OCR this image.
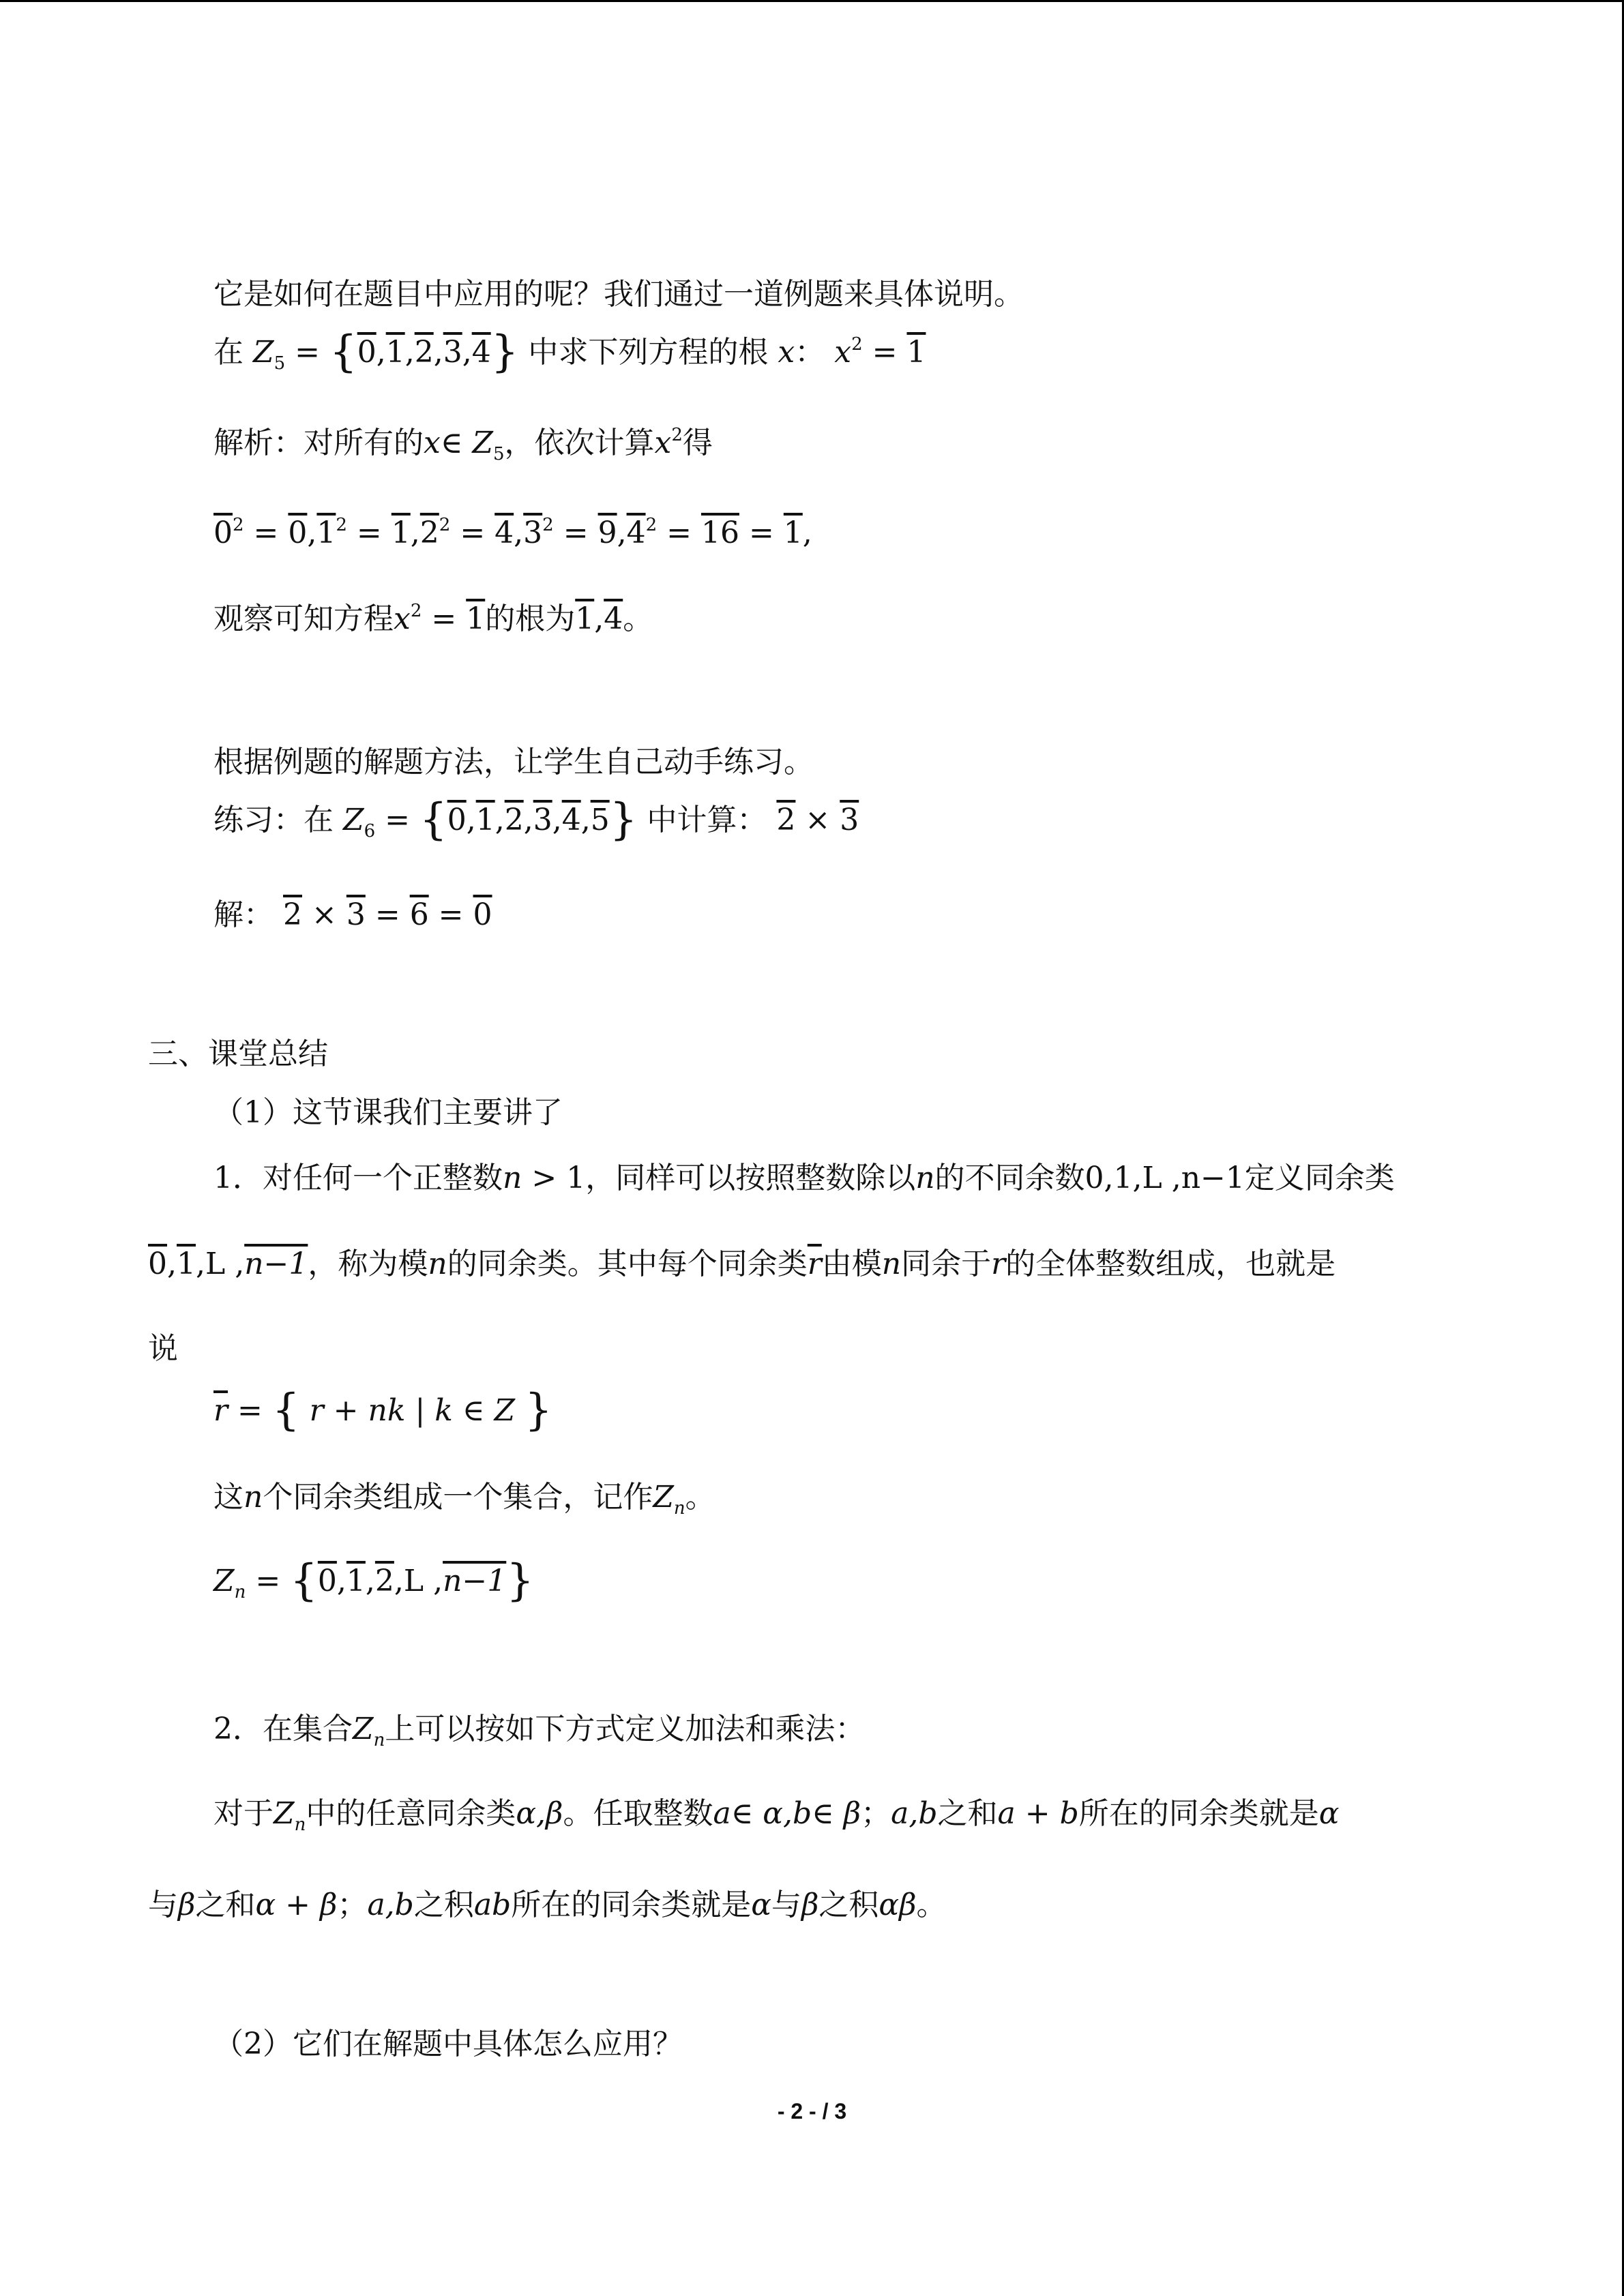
它是如何在题目中应用的呢？我们通过一道例题来具体说明。
在 $Z_5 = \{0,1,2,3,4\}$ 中求下列方程的根 x： $x^2 = 1$
解析：对所有的x∈ $Z_5$，依次计算$x^2$得
$0^2 = 0,1^2 = 1,2^2 = 4,3^2 = 9,4^2 = 16 = 1$,
观察可知方程$x^2 = 1$的根为1,4。
根据例题的解题方法，让学生自己动手练习。
练习：在 $Z_6 = \{0,1,2,3,4,5\}$ 中计算： 2 × 3
解： 2 × 3 = 6 = 0
三、课堂总结
（1）这节课我们主要讲了
1．对任何一个正整数n > 1，同样可以按照整数除以n的不同余数0,1,L ,n−1定义同余类
0,1,L ,n−1，称为模n的同余类。其中每个同余类$\overline{r}$由模n同余于r的全体整数组成，也就是
说
$\overline{r}$ = { r + nk | k ∈ Z }
这n个同余类组成一个集合，记作$Z_n$。
$Z_n = \{0,1,2,L$ ,n−1}
2．在集合$Z_n$上可以按如下方式定义加法和乘法：
对于$Z_n$中的任意同余类α,β。任取整数a∈ α,b∈ β；a,b之和a + b所在的同余类就是α
与β之和α + β；a,b之积ab所在的同余类就是α与β之积αβ。
（2）它们在解题中具体怎么应用？
- 2 - / 3
